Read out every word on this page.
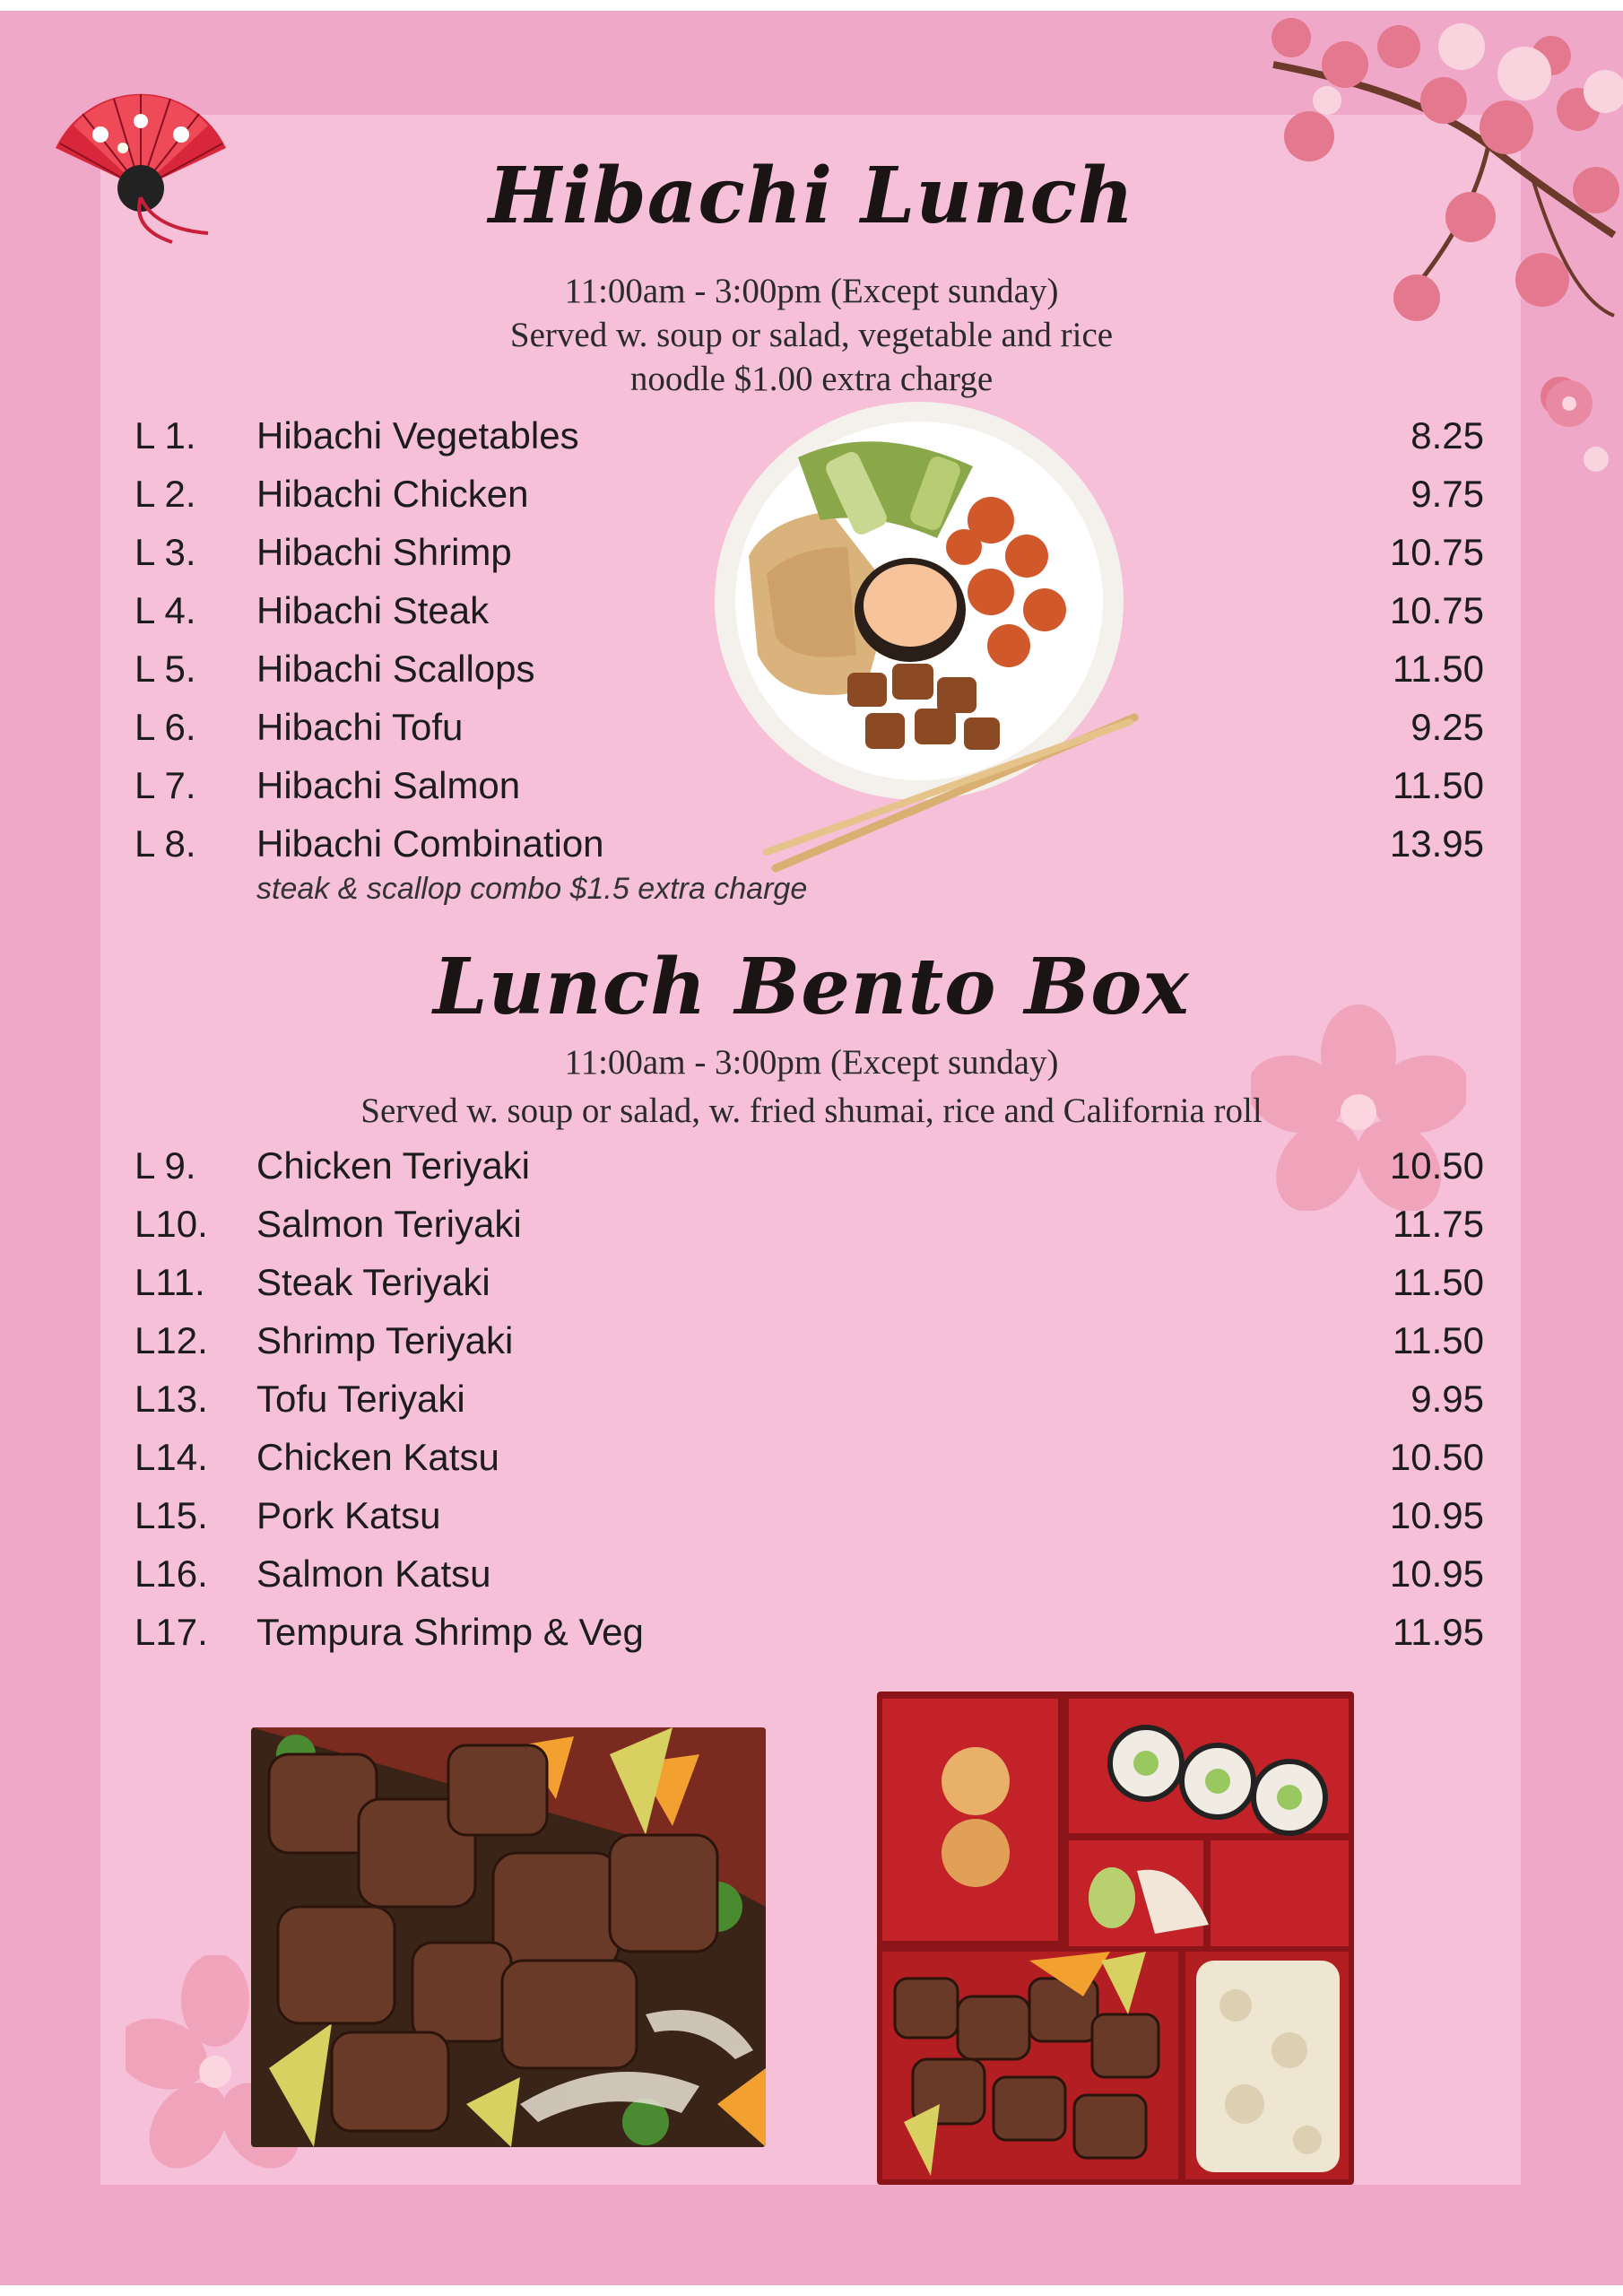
Hibachi Lunch
11:00am - 3:00pm (Except sunday)
Served w. soup or salad, vegetable and rice
noodle $1.00 extra charge
L 1.	Hibachi Vegetables	8.25
L 2.	Hibachi Chicken	9.75
L 3.	Hibachi Shrimp	10.75
L 4.	Hibachi Steak	10.75
L 5.	Hibachi Scallops	11.50
L 6.	Hibachi Tofu	9.25
L 7.	Hibachi Salmon	11.50
L 8.	Hibachi Combination	13.95
steak & scallop combo $1.5 extra charge
Lunch Bento Box
11:00am - 3:00pm (Except sunday)
Served w. soup or salad, w. fried shumai, rice and California roll
L 9.	Chicken Teriyaki	10.50
L10.	Salmon Teriyaki	11.75
L11.	Steak Teriyaki	11.50
L12.	Shrimp Teriyaki	11.50
L13.	Tofu Teriyaki	9.95
L14.	Chicken Katsu	10.50
L15.	Pork Katsu	10.95
L16.	Salmon Katsu	10.95
L17.	Tempura Shrimp & Veg	11.95
